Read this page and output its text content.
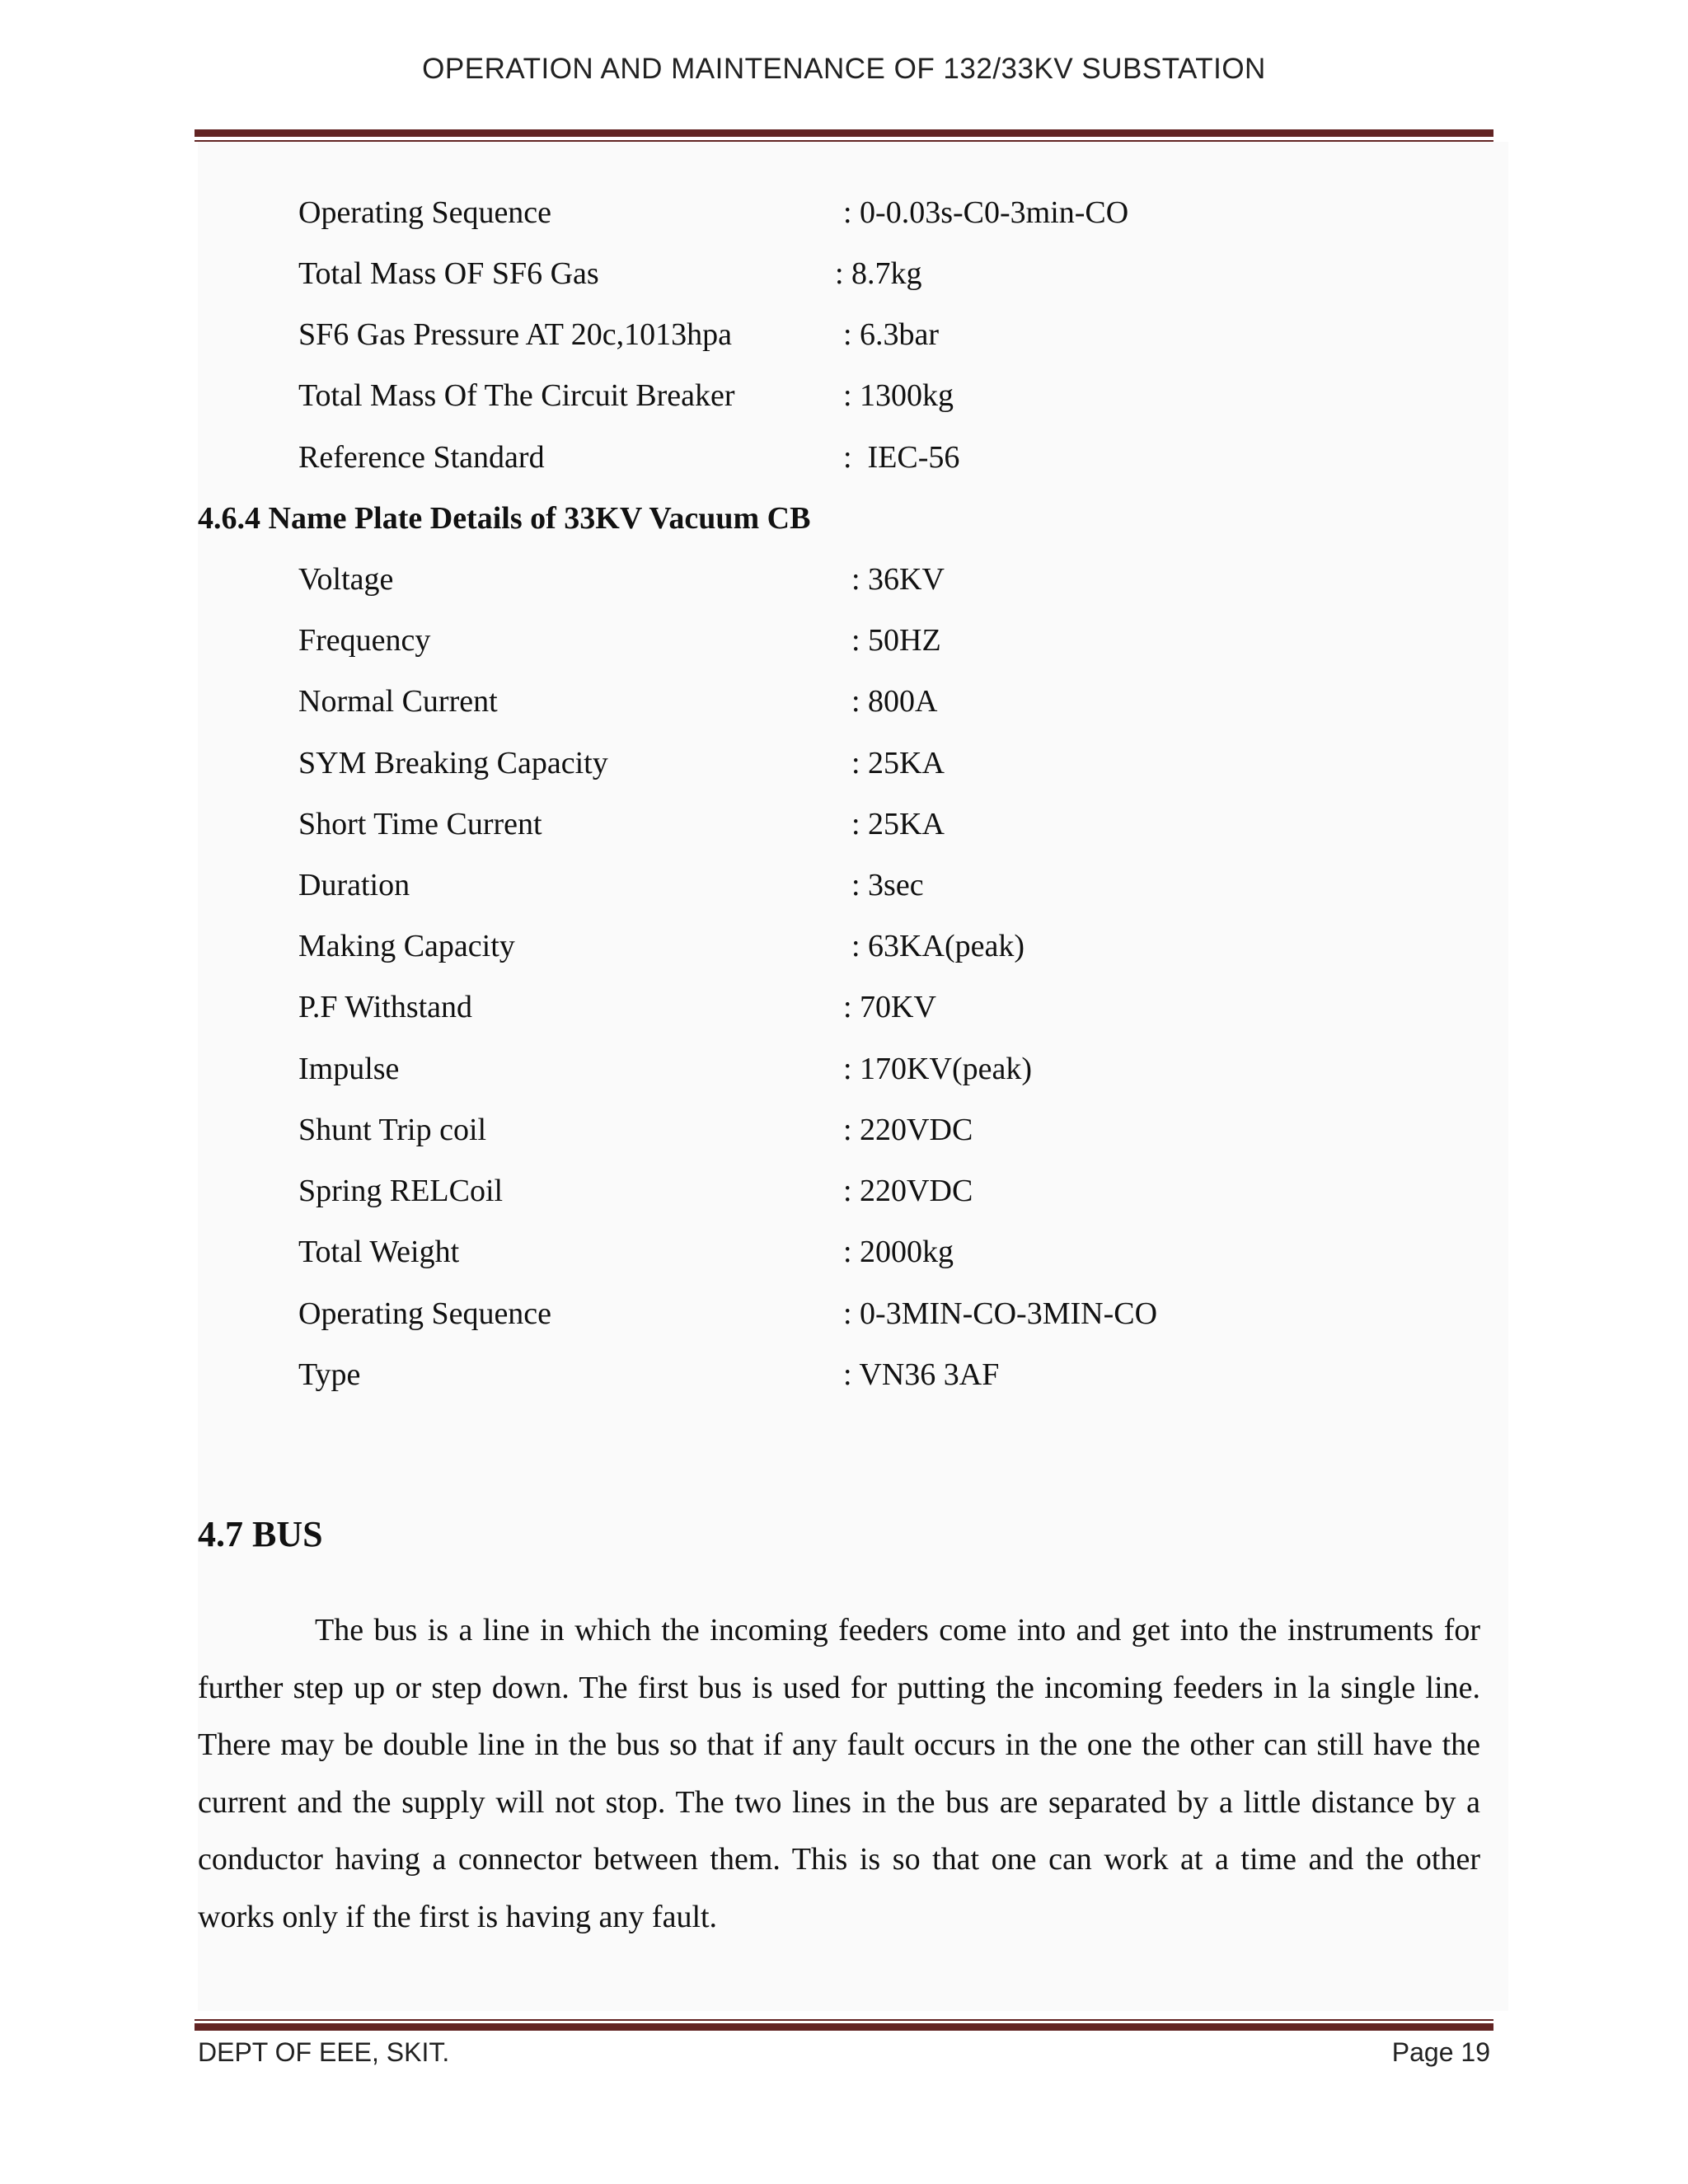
OPERATION AND MAINTENANCE OF 132/33KV SUBSTATION
Operating Sequence	: 0-0.03s-C0-3min-CO
Total Mass OF SF6 Gas	: 8.7kg
SF6 Gas Pressure AT 20c,1013hpa	: 6.3bar
Total Mass Of The Circuit Breaker	: 1300kg
Reference Standard	:  IEC-56
4.6.4 Name Plate Details of 33KV Vacuum CB
Voltage	: 36KV
Frequency	: 50HZ
Normal Current	: 800A
SYM Breaking Capacity	: 25KA
Short Time Current	: 25KA
Duration	: 3sec
Making Capacity	: 63KA(peak)
P.F Withstand	: 70KV
Impulse	: 170KV(peak)
Shunt Trip coil	: 220VDC
Spring RELCoil	: 220VDC
Total Weight	: 2000kg
Operating Sequence	: 0-3MIN-CO-3MIN-CO
Type	: VN36 3AF
4.7 BUS

The bus is a line in which the incoming feeders come into and get into the instruments for further step up or step down. The first bus is used for putting the incoming feeders in la single line. There may be double line in the bus so that if any fault occurs in the one the other can still have the current and the supply will not stop. The two lines in the bus are separated by a little distance by a conductor having a connector between them. This is so that one can work at a time and the other works only if the first is having any fault.

DEPT OF EEE, SKIT.	Page 19
